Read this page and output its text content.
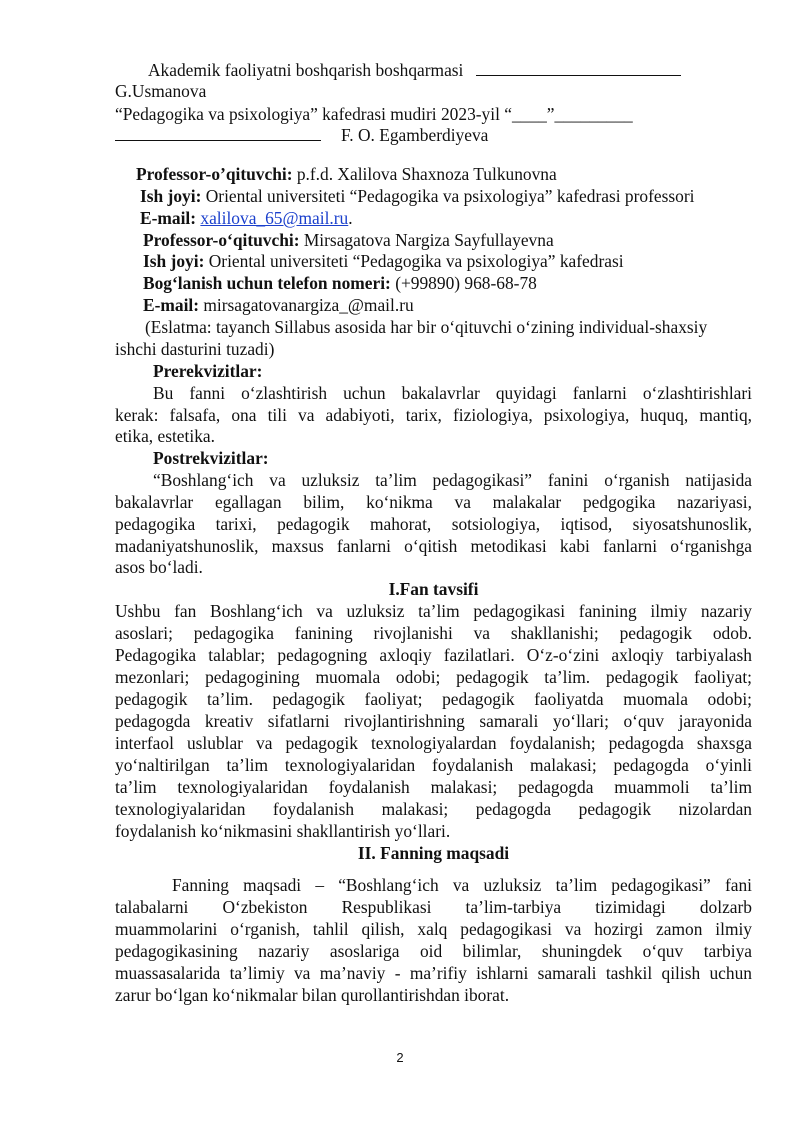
Akademik faoliyatni boshqarish boshqarmasi
G.Usmanova
“Pedagogika va psixologiya” kafedrasi mudiri 2023-yil “____”_________
F. O. Egamberdiyeva
Professor-o’qituvchi: p.f.d. Xalilova Shaxnoza Tulkunovna
Ish joyi: Oriental universiteti “Pedagogika va psixologiya” kafedrasi professori
E-mail: xalilova_65@mail.ru.
Professor-o‘qituvchi: Mirsagatova Nargiza Sayfullayevna
Ish joyi: Oriental universiteti “Pedagogika va psixologiya” kafedrasi
Bog‘lanish uchun telefon nomeri: (+99890) 968-68-78
E-mail: mirsagatovanargiza_@mail.ru
(Eslatma: tayanch Sillabus asosida har bir o‘qituvchi o‘zining individual-shaxsiy
ishchi dasturini tuzadi)
Prerekvizitlar:
Bu fanni o‘zlashtirish uchun bakalavrlar quyidagi fanlarni o‘zlashtirishlari
kerak: falsafa, ona tili va adabiyoti, tarix, fiziologiya, psixologiya, huquq, mantiq,
etika, estetika.
Postrekvizitlar:
“Boshlang‘ich va uzluksiz ta’lim pedagogikasi” fanini o‘rganish natijasida
bakalavrlar egallagan bilim, ko‘nikma va malakalar pedgogika nazariyasi,
pedagogika tarixi, pedagogik mahorat, sotsiologiya, iqtisod, siyosatshunoslik,
madaniyatshunoslik, maxsus fanlarni o‘qitish metodikasi kabi fanlarni o‘rganishga
asos bo‘ladi.
I.Fan tavsifi
Ushbu fan Boshlang‘ich va uzluksiz ta’lim pedagogikasi fanining ilmiy nazariy
asoslari; pedagogika fanining rivojlanishi va shakllanishi; pedagogik odob.
Pedagogika talablar; pedagogning axloqiy fazilatlari. O‘z-o‘zini axloqiy tarbiyalash
mezonlari; pedagogining muomala odobi; pedagogik ta’lim. pedagogik faoliyat;
pedagogik ta’lim. pedagogik faoliyat; pedagogik faoliyatda muomala odobi;
pedagogda kreativ sifatlarni rivojlantirishning samarali yo‘llari; o‘quv jarayonida
interfaol uslublar va pedagogik texnologiyalardan foydalanish; pedagogda shaxsga
yo‘naltirilgan ta’lim texnologiyalaridan foydalanish malakasi; pedagogda o‘yinli
ta’lim texnologiyalaridan foydalanish malakasi; pedagogda muammoli ta’lim
texnologiyalaridan foydalanish malakasi; pedagogda pedagogik nizolardan
foydalanish ko‘nikmasini shakllantirish yo‘llari.
II. Fanning maqsadi
Fanning maqsadi – “Boshlang‘ich va uzluksiz ta’lim pedagogikasi” fani
talabalarni O‘zbekiston Respublikasi ta’lim-tarbiya tizimidagi dolzarb
muammolarini o‘rganish, tahlil qilish, xalq pedagogikasi va hozirgi zamon ilmiy
pedagogikasining nazariy asoslariga oid bilimlar, shuningdek o‘quv tarbiya
muassasalarida ta’limiy va ma’naviy - ma’rifiy ishlarni samarali tashkil qilish uchun
zarur bo‘lgan ko‘nikmalar bilan qurollantirishdan iborat.
2
